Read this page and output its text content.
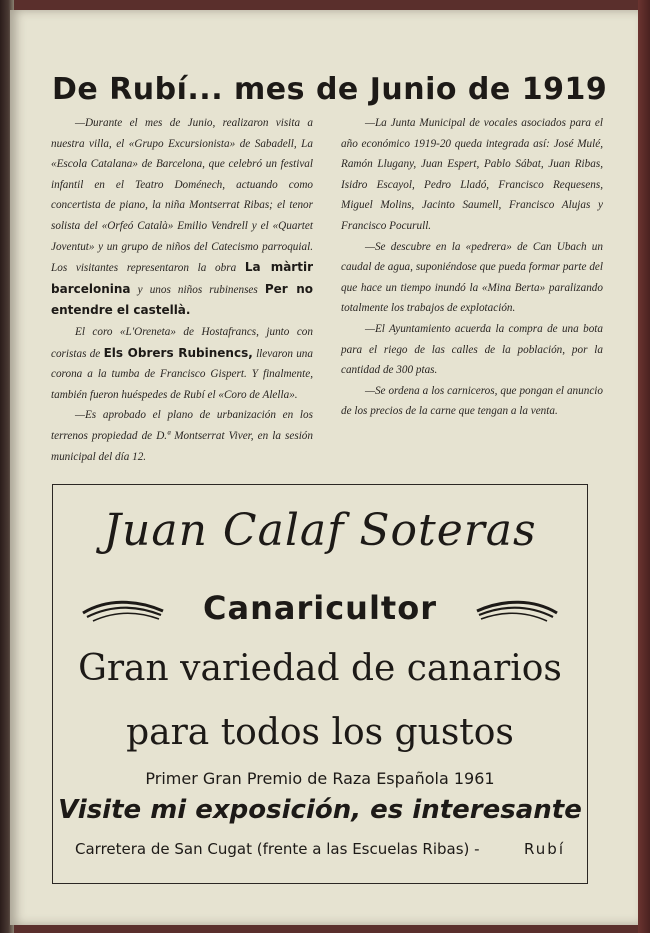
De Rubí... mes de Junio de 1919

—Durante el mes de Junio, realizaron visita a nuestra villa, el «Grupo Excursionista» de Sabadell, La «Escola Catalana» de Barcelona, que celebró un festival infantil en el Teatro Doménech, actuando como concertista de piano, la niña Montserrat Ribas; el tenor solista del «Orfeó Català» Emilio Vendrell y el «Quartet Joventut» y un grupo de niños del Catecismo parroquial. Los visitantes representaron la obra La màrtir barcelonina y unos niños rubinenses Per no entendre el castellà.

El coro «L'Oreneta» de Hostafrancs, junto con coristas de Els Obrers Rubinencs, llevaron una corona a la tumba de Francisco Gispert. Y finalmente, también fueron huéspedes de Rubí el «Coro de Alella».

—Es aprobado el plano de urbanización en los terrenos propiedad de D.ª Montserrat Viver, en la sesión municipal del día 12.

—La Junta Municipal de vocales asociados para el año económico 1919-20 queda integrada así: José Mulé, Ramón Llugany, Juan Espert, Pablo Sábat, Juan Ribas, Isidro Escayol, Pedro Lladó, Francisco Requesens, Miguel Molins, Jacinto Saumell, Francisco Alujas y Francisco Pocurull.

—Se descubre en la «pedrera» de Can Ubach un caudal de agua, suponiéndose que pueda formar parte del que hace un tiempo inundó la «Mina Berta» paralizando totalmente los trabajos de explotación.

—El Ayuntamiento acuerda la compra de una bota para el riego de las calles de la población, por la cantidad de 300 ptas.

—Se ordena a los carniceros, que pongan el anuncio de los precios de la carne que tengan a la venta.

Juan Calaf Soteras
Canaricultor
Gran variedad de canarios
para todos los gustos
Primer Gran Premio de Raza Española 1961
Visite mi exposición, es interesante
Carretera de San Cugat (frente a las Escuelas Ribas) -	Rubí
